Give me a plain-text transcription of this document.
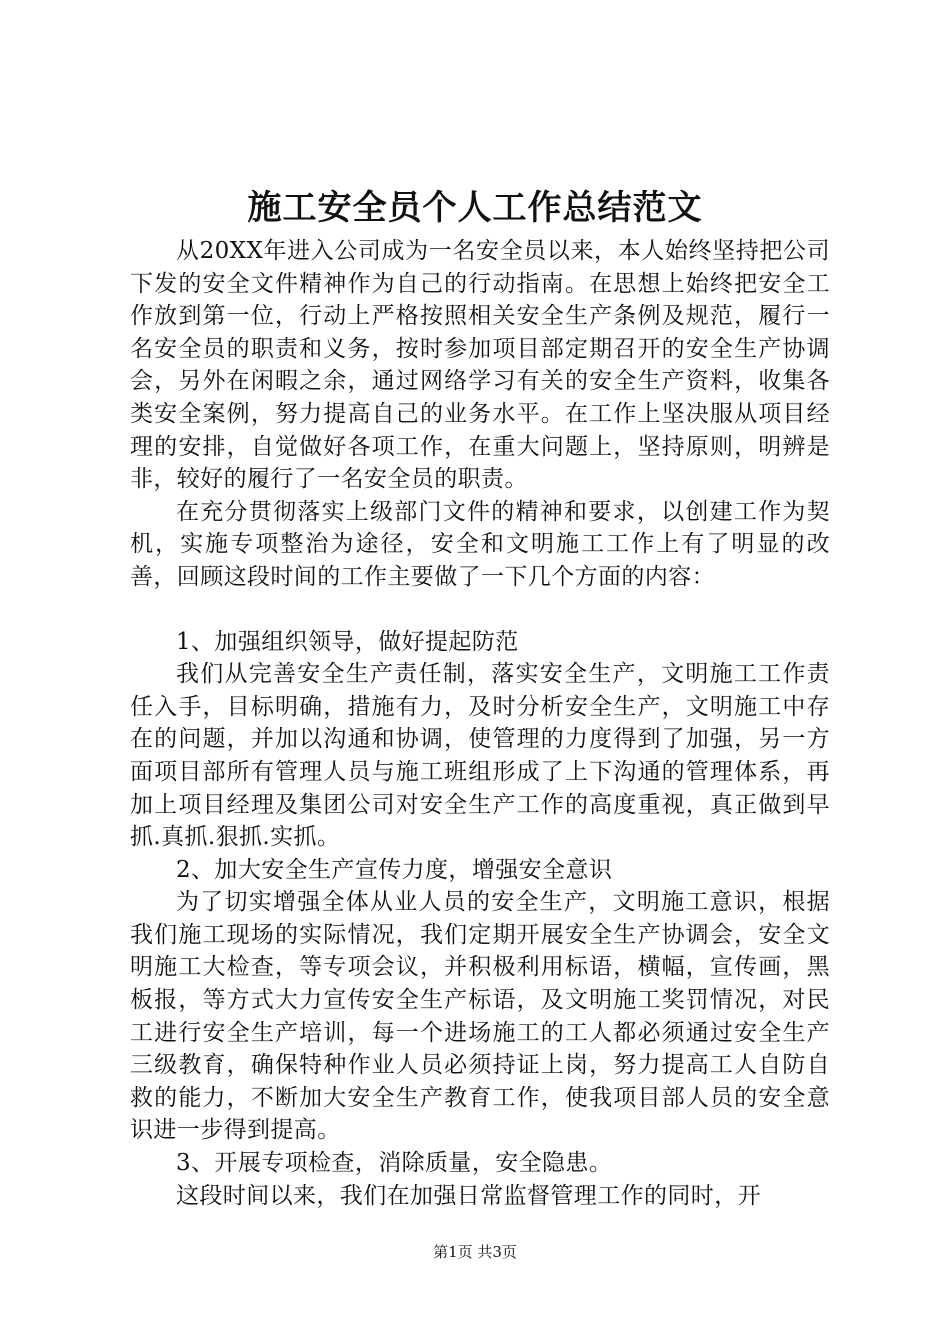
施工安全员个人工作总结范文

从20XX年进入公司成为一名安全员以来，本人始终坚持把公司下发的安全文件精神作为自己的行动指南。在思想上始终把安全工作放到第一位，行动上严格按照相关安全生产条例及规范，履行一名安全员的职责和义务，按时参加项目部定期召开的安全生产协调会，另外在闲暇之余，通过网络学习有关的安全生产资料，收集各类安全案例，努力提高自己的业务水平。在工作上坚决服从项目经理的安排，自觉做好各项工作，在重大问题上，坚持原则，明辨是非，较好的履行了一名安全员的职责。

在充分贯彻落实上级部门文件的精神和要求，以创建工作为契机，实施专项整治为途径，安全和文明施工工作上有了明显的改善，回顾这段时间的工作主要做了一下几个方面的内容：

1、加强组织领导，做好提起防范

我们从完善安全生产责任制，落实安全生产，文明施工工作责任入手，目标明确，措施有力，及时分析安全生产，文明施工中存在的问题，并加以沟通和协调，使管理的力度得到了加强，另一方面项目部所有管理人员与施工班组形成了上下沟通的管理体系，再加上项目经理及集团公司对安全生产工作的高度重视，真正做到早抓.真抓.狠抓.实抓。

2、加大安全生产宣传力度，增强安全意识

为了切实增强全体从业人员的安全生产，文明施工意识，根据我们施工现场的实际情况，我们定期开展安全生产协调会，安全文明施工大检查，等专项会议，并积极利用标语，横幅，宣传画，黑板报，等方式大力宣传安全生产标语，及文明施工奖罚情况，对民工进行安全生产培训，每一个进场施工的工人都必须通过安全生产三级教育，确保特种作业人员必须持证上岗，努力提高工人自防自救的能力，不断加大安全生产教育工作，使我项目部人员的安全意识进一步得到提高。

3、开展专项检查，消除质量，安全隐患。

这段时间以来，我们在加强日常监督管理工作的同时，开

第1页 共3页
